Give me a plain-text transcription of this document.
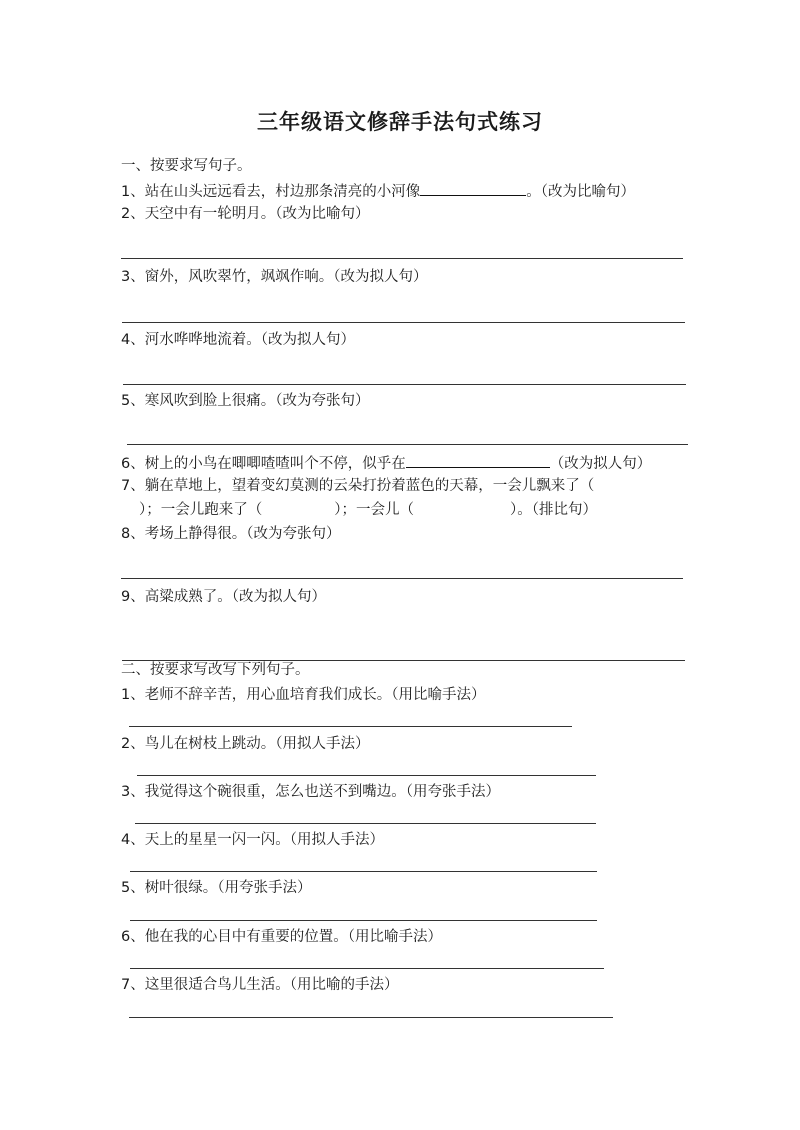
三年级语文修辞手法句式练习
一、按要求写句子。
1、站在山头远远看去，村边那条清亮的小河像	。（改为比喻句）
2、天空中有一轮明月。（改为比喻句）
3、窗外，风吹翠竹，飒飒作响。（改为拟人句）
4、河水哗哗地流着。（改为拟人句）
5、寒风吹到脸上很痛。（改为夸张句）
6、树上的小鸟在唧唧喳喳叫个不停，似乎在	（改为拟人句）
7、躺在草地上，望着变幻莫测的云朵打扮着蓝色的天幕，一会儿飘来了（
）；一会儿跑来了（	）；一会儿（	）。（排比句）
8、考场上静得很。（改为夸张句）
9、高粱成熟了。（改为拟人句）
二、按要求写改写下列句子。
1、老师不辞辛苦，用心血培育我们成长。（用比喻手法）
2、鸟儿在树枝上跳动。（用拟人手法）
3、我觉得这个碗很重，怎么也送不到嘴边。（用夸张手法）
4、天上的星星一闪一闪。（用拟人手法）
5、树叶很绿。（用夸张手法）
6、他在我的心目中有重要的位置。（用比喻手法）
7、这里很适合鸟儿生活。（用比喻的手法）
